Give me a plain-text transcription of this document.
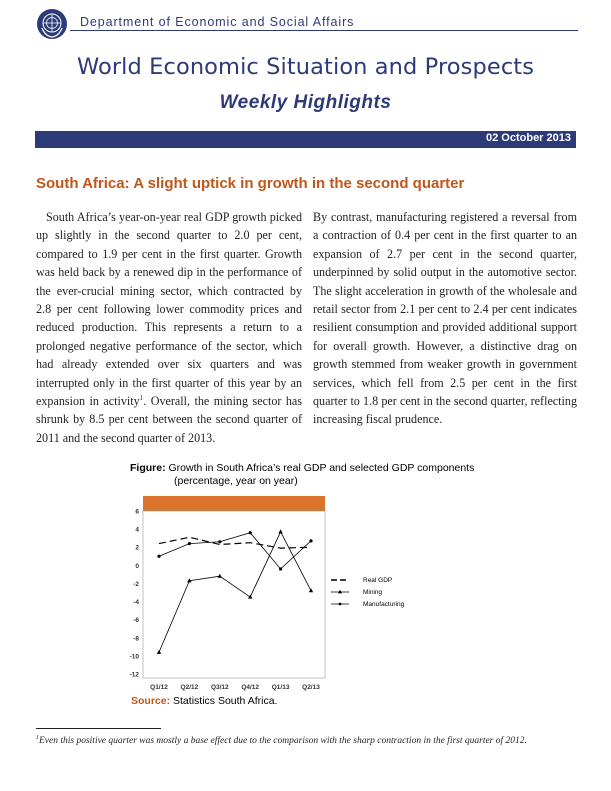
Department of Economic and Social Affairs
World Economic Situation and Prospects
Weekly Highlights
02 October 2013
South Africa: A slight uptick in growth in the second quarter
South Africa’s year-on-year real GDP growth picked up slightly in the second quarter to 2.0 per cent, compared to 1.9 per cent in the first quarter. Growth was held back by a renewed dip in the performance of the ever-crucial mining sector, which contracted by 2.8 per cent following lower commodity prices and reduced production. This represents a return to a prolonged negative performance of the sector, which had already extended over six quarters and was interrupted only in the first quarter of this year by an expansion in activity$^1$. Overall, the mining sector has shrunk by 8.5 per cent between the second quarter of 2011 and the second quarter of 2013.
By contrast, manufacturing registered a reversal from a contraction of 0.4 per cent in the first quarter to an expansion of 2.7 per cent in the second quarter, underpinned by solid output in the automotive sector. The slight acceleration in growth of the wholesale and retail sector from 2.1 per cent to 2.4 per cent indicates resilient consumption and provided additional support for overall growth. However, a distinctive drag on growth stemmed from weaker growth in government services, which fell from 2.5 per cent in the first quarter to 1.8 per cent in the second quarter, reflecting increasing fiscal prudence.
Figure: Growth in South Africa’s real GDP and selected GDP components
(percentage, year on year)
6
4
2
0
-2
-4
-6
-8
-10
-12
Q1/12 Q2/12 Q3/12 Q4/12 Q1/13 Q2/13
Real GDP
Mining
Manufacturing
Source: Statistics South Africa.
$^1$Even this positive quarter was mostly a base effect due to the comparison with the sharp contraction in the first quarter of 2012.
